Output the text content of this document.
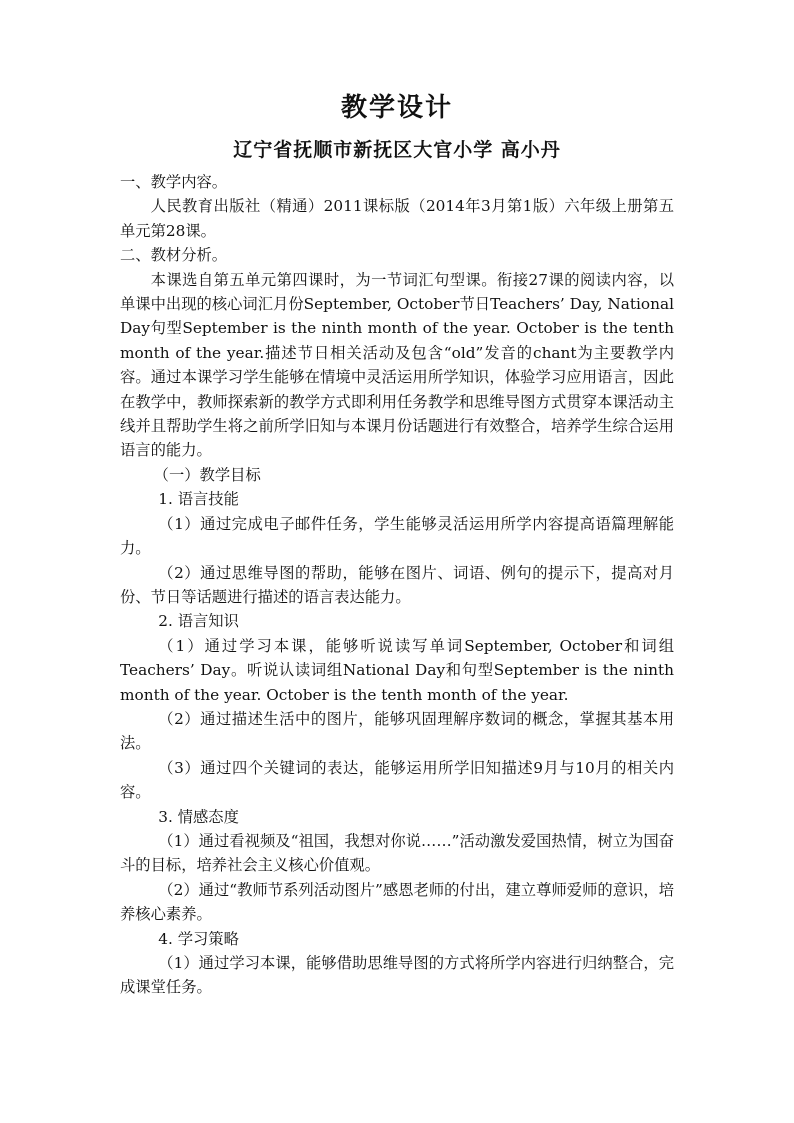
教学设计
辽宁省抚顺市新抚区大官小学 高小丹

一、教学内容。

人民教育出版社（精通）2011课标版（2014年3月第1版）六年级上册第五单元第28课。

二、教材分析。

本课选自第五单元第四课时，为一节词汇句型课。衔接27课的阅读内容，以单课中出现的核心词汇月份September, October节日Teachers’ Day, National Day句型September is the ninth month of the year. October is the tenth month of the year.描述节日相关活动及包含“old”发音的chant为主要教学内容。通过本课学习学生能够在情境中灵活运用所学知识，体验学习应用语言，因此在教学中，教师探索新的教学方式即利用任务教学和思维导图方式贯穿本课活动主线并且帮助学生将之前所学旧知与本课月份话题进行有效整合，培养学生综合运用语言的能力。

（一）教学目标

1. 语言技能

（1）通过完成电子邮件任务，学生能够灵活运用所学内容提高语篇理解能力。

（2）通过思维导图的帮助，能够在图片、词语、例句的提示下，提高对月份、节日等话题进行描述的语言表达能力。

2. 语言知识

（1）通过学习本课，能够听说读写单词September, October和词组Teachers’ Day。听说认读词组National Day和句型September is the ninth month of the year. October is the tenth month of the year.

（2）通过描述生活中的图片，能够巩固理解序数词的概念，掌握其基本用法。

（3）通过四个关键词的表达，能够运用所学旧知描述9月与10月的相关内容。

3. 情感态度

（1）通过看视频及“祖国，我想对你说……”活动激发爱国热情，树立为国奋斗的目标，培养社会主义核心价值观。

（2）通过“教师节系列活动图片”感恩老师的付出，建立尊师爱师的意识，培养核心素养。

4. 学习策略

（1）通过学习本课，能够借助思维导图的方式将所学内容进行归纳整合，完成课堂任务。
